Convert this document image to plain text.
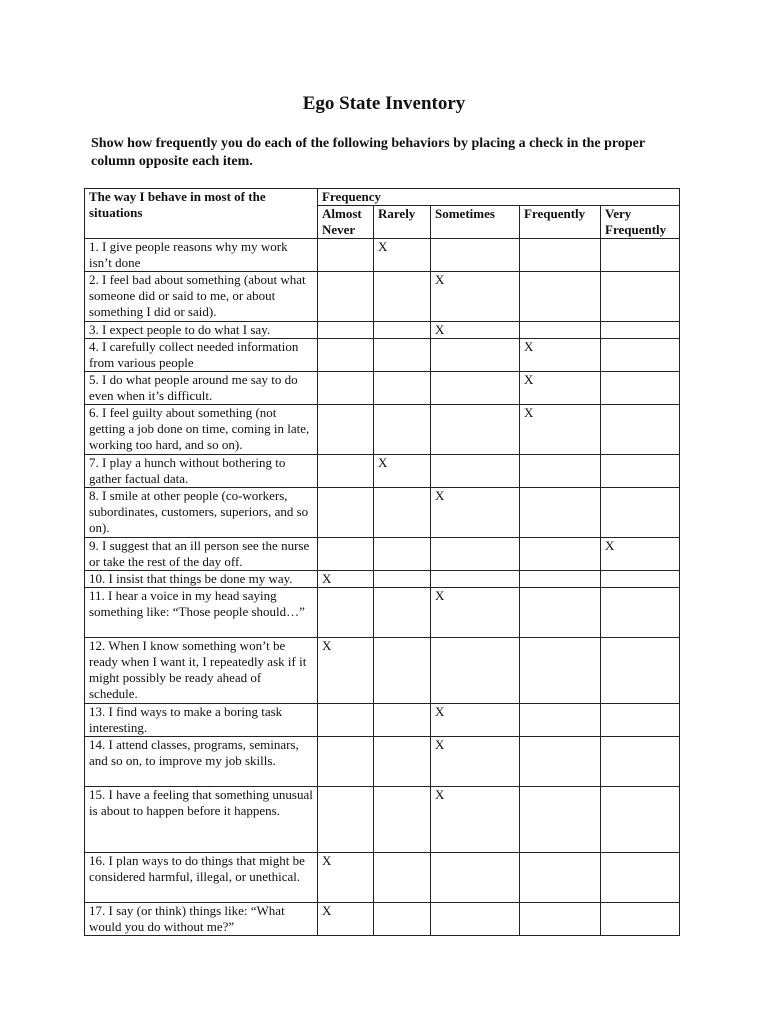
Ego State Inventory
Show how frequently you do each of the following behaviors by placing a check in the proper column opposite each item.
The way I behave in most of the situations	Frequency				
	Almost Never	Rarely	Sometimes	Frequently	Very Frequently
1. I give people reasons why my work isn’t done		X			
2. I feel bad about something (about what someone did or said to me, or about something I did or said).			X		
3. I expect people to do what I say.			X		
4. I carefully collect needed information from various people				X	
5. I do what people around me say to do even when it’s difficult.				X	
6. I feel guilty about something (not getting a job done on time, coming in late, working too hard, and so on).				X	
7. I play a hunch without bothering to gather factual data.		X			
8. I smile at other people (co-workers, subordinates, customers, superiors, and so on).			X		
9. I suggest that an ill person see the nurse or take the rest of the day off.					X
10. I insist that things be done my way.	X				
11. I hear a voice in my head saying something like: “Those people should…”			X		
12. When I know something won’t be ready when I want it, I repeatedly ask if it might possibly be ready ahead of schedule.	X				
13. I find ways to make a boring task interesting.			X		
14. I attend classes, programs, seminars, and so on, to improve my job skills.			X		
15. I have a feeling that something unusual is about to happen before it happens.			X		
16. I plan ways to do things that might be considered harmful, illegal, or unethical.	X				
17. I say (or think) things like: “What would you do without me?”	X				
